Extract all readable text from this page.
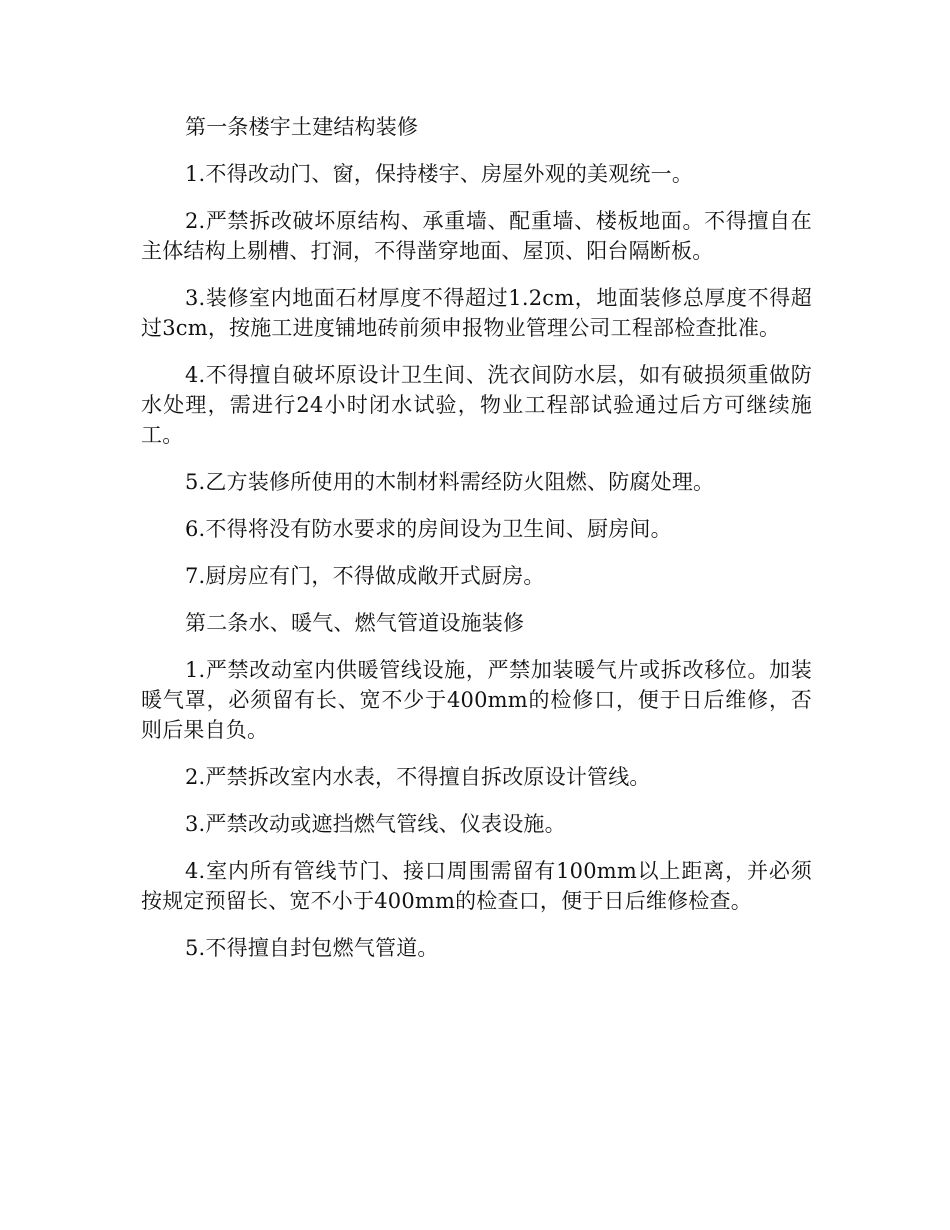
第一条楼宇土建结构装修

1.不得改动门、窗，保持楼宇、房屋外观的美观统一。

2.严禁拆改破坏原结构、承重墙、配重墙、楼板地面。不得擅自在主体结构上剔槽、打洞，不得凿穿地面、屋顶、阳台隔断板。

3.装修室内地面石材厚度不得超过1.2cm，地面装修总厚度不得超过3cm，按施工进度铺地砖前须申报物业管理公司工程部检查批准。

4.不得擅自破坏原设计卫生间、洗衣间防水层，如有破损须重做防水处理，需进行24小时闭水试验，物业工程部试验通过后方可继续施工。

5.乙方装修所使用的木制材料需经防火阻燃、防腐处理。

6.不得将没有防水要求的房间设为卫生间、厨房间。

7.厨房应有门，不得做成敞开式厨房。

第二条水、暖气、燃气管道设施装修

1.严禁改动室内供暖管线设施，严禁加装暖气片或拆改移位。加装暖气罩，必须留有长、宽不少于400mm的检修口，便于日后维修，否则后果自负。

2.严禁拆改室内水表，不得擅自拆改原设计管线。

3.严禁改动或遮挡燃气管线、仪表设施。

4.室内所有管线节门、接口周围需留有100mm以上距离，并必须按规定预留长、宽不小于400mm的检查口，便于日后维修检查。

5.不得擅自封包燃气管道。
